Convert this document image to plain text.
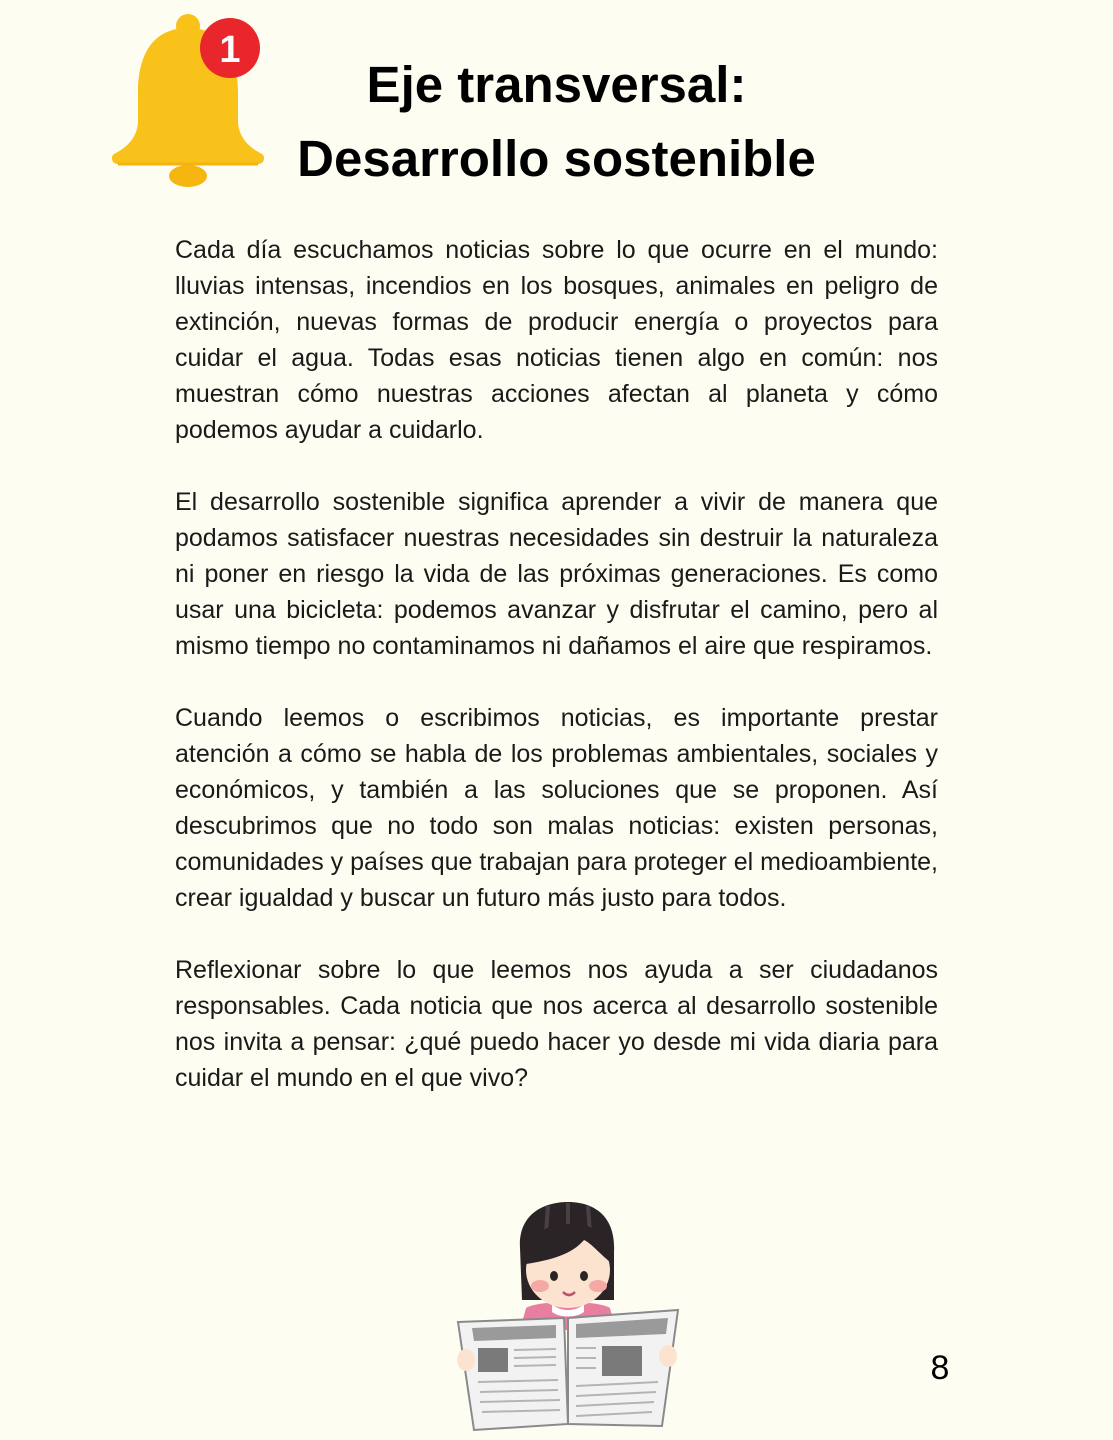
1
Eje transversal:
Desarrollo sostenible

Cada día escuchamos noticias sobre lo que ocurre en el mundo: lluvias intensas, incendios en los bosques, animales en peligro de extinción, nuevas formas de producir energía o proyectos para cuidar el agua. Todas esas noticias tienen algo en común: nos muestran cómo nuestras acciones afectan al planeta y cómo podemos ayudar a cuidarlo.

El desarrollo sostenible significa aprender a vivir de manera que podamos satisfacer nuestras necesidades sin destruir la naturaleza ni poner en riesgo la vida de las próximas generaciones. Es como usar una bicicleta: podemos avanzar y disfrutar el camino, pero al mismo tiempo no contaminamos ni dañamos el aire que respiramos.

Cuando leemos o escribimos noticias, es importante prestar atención a cómo se habla de los problemas ambientales, sociales y económicos, y también a las soluciones que se proponen. Así descubrimos que no todo son malas noticias: existen personas, comunidades y países que trabajan para proteger el medioambiente, crear igualdad y buscar un futuro más justo para todos.

Reflexionar sobre lo que leemos nos ayuda a ser ciudadanos responsables. Cada noticia que nos acerca al desarrollo sostenible nos invita a pensar: ¿qué puedo hacer yo desde mi vida diaria para cuidar el mundo en el que vivo?

8
